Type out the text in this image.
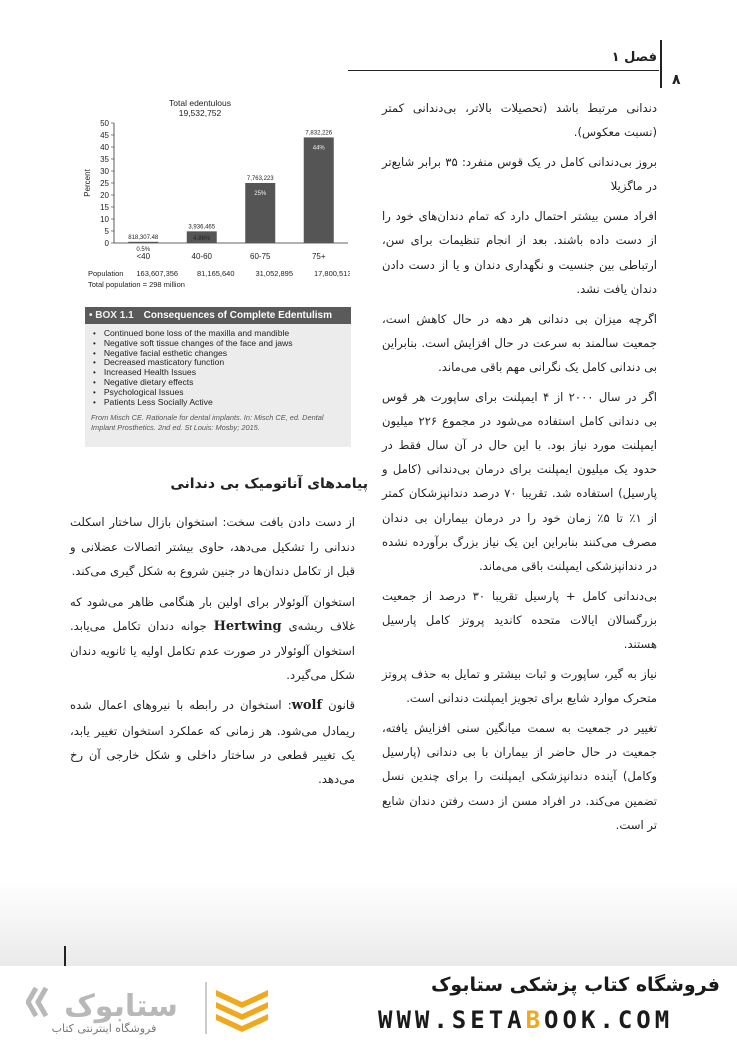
فصل ۱
۸
Total edentulous
19,532,752
0
5
10
15
20
25
30
35
40
45
50
Percent
818,307.48
0.5%
<40
3,936,465
4.86%
40-60
7,763,223
25%
60-75
7,832,226
44%
75+
Population 163,607,356	81,165,640	31,052,895	17,800,513
Total population = 298 million
• BOX 1.1 Consequences of Complete Edentulism
• Continued bone loss of the maxilla and mandible
• Negative soft tissue changes of the face and jaws
• Negative facial esthetic changes
• Decreased masticatory function
• Increased Health Issues
• Negative dietary effects
• Psychological Issues
• Patients Less Socially Active
From Misch CE. Rationale for dental implants. In: Misch CE, ed. Dental Implant Prosthetics. 2nd ed. St Louis: Mosby; 2015.

دندانی مرتبط باشد (تحصیلات بالاتر، بی‌دندانی کمتر (نسبت معکوس).

بروز بی‌دندانی کامل در یک قوس منفرد: ۳۵ برابر شایع‌تر در ماگزیلا

افراد مسن بیشتر احتمال دارد که تمام دندان‌های خود را از دست داده باشند. بعد از انجام تنظیمات برای سن، ارتباطی بین جنسیت و نگهداری دندان و یا از دست دادن دندان یافت نشد.

اگرچه میزان بی دندانی هر دهه در حال کاهش است، جمعیت سالمند به سرعت در حال افزایش است. بنابراین بی دندانی کامل یک نگرانی مهم باقی می‌ماند.

اگر در سال ۲۰۰۰ از ۴ ایمپلنت برای ساپورت هر قوس بی دندانی کامل استفاده می‌شود در مجموع ۲۲۶ میلیون ایمپلنت مورد نیاز بود. با این حال در آن سال فقط در حدود یک میلیون ایمپلنت برای درمان بی‌دندانی (کامل و پارسیل) استفاده شد. تقریبا ۷۰ درصد دندانپزشکان کمتر از ۱٪ تا ۵٪ زمان خود را در درمان بیماران بی دندان مصرف می‌کنند بنابراین این یک نیاز بزرگ برآورده نشده در دندانپزشکی ایمپلنت باقی می‌ماند.

بی‌دندانی کامل + پارسیل تقریبا ۳۰ درصد از جمعیت بزرگسالان ایالات متحده کاندید پروتز کامل پارسیل هستند.

نیاز به گیر، ساپورت و ثبات بیشتر و تمایل به حذف پروتز متحرک موارد شایع برای تجویز ایمپلنت دندانی است.

تغییر در جمعیت به سمت میانگین سنی افزایش یافته، جمعیت در حال حاضر از بیماران با بی دندانی (پارسیل وکامل) آینده دندانپزشکی ایمپلنت را برای چندین نسل تضمین می‌کند. در افراد مسن از دست رفتن دندان شایع تر است.

پیامدهای آناتومیک بی دندانی

از دست دادن بافت سخت: استخوان بازال ساختار اسکلت دندانی را تشکیل می‌دهد، حاوی بیشتر اتصالات عضلانی و قبل از تکامل دندان‌ها در جنین شروع به شکل گیری می‌کند.

استخوان آلوئولار برای اولین بار هنگامی ظاهر می‌شود که غلاف ریشه‌ی Hertwing جوانه دندان تکامل می‌یابد. استخوان آلوئولار در صورت عدم تکامل اولیه یا ثانویه دندان شکل می‌گیرد.

قانون wolf: استخوان در رابطه با نیروهای اعمال شده ریمادل می‌شود. هر زمانی که عملکرد استخوان تغییر یابد، یک تغییر قطعی در ساختار داخلی و شکل خارجی آن رخ می‌دهد.

ستابوک
فروشگاه اینترنتی کتاب
فروشگاه کتاب پزشکی ستابوک
WWW.SETABOOK.COM
